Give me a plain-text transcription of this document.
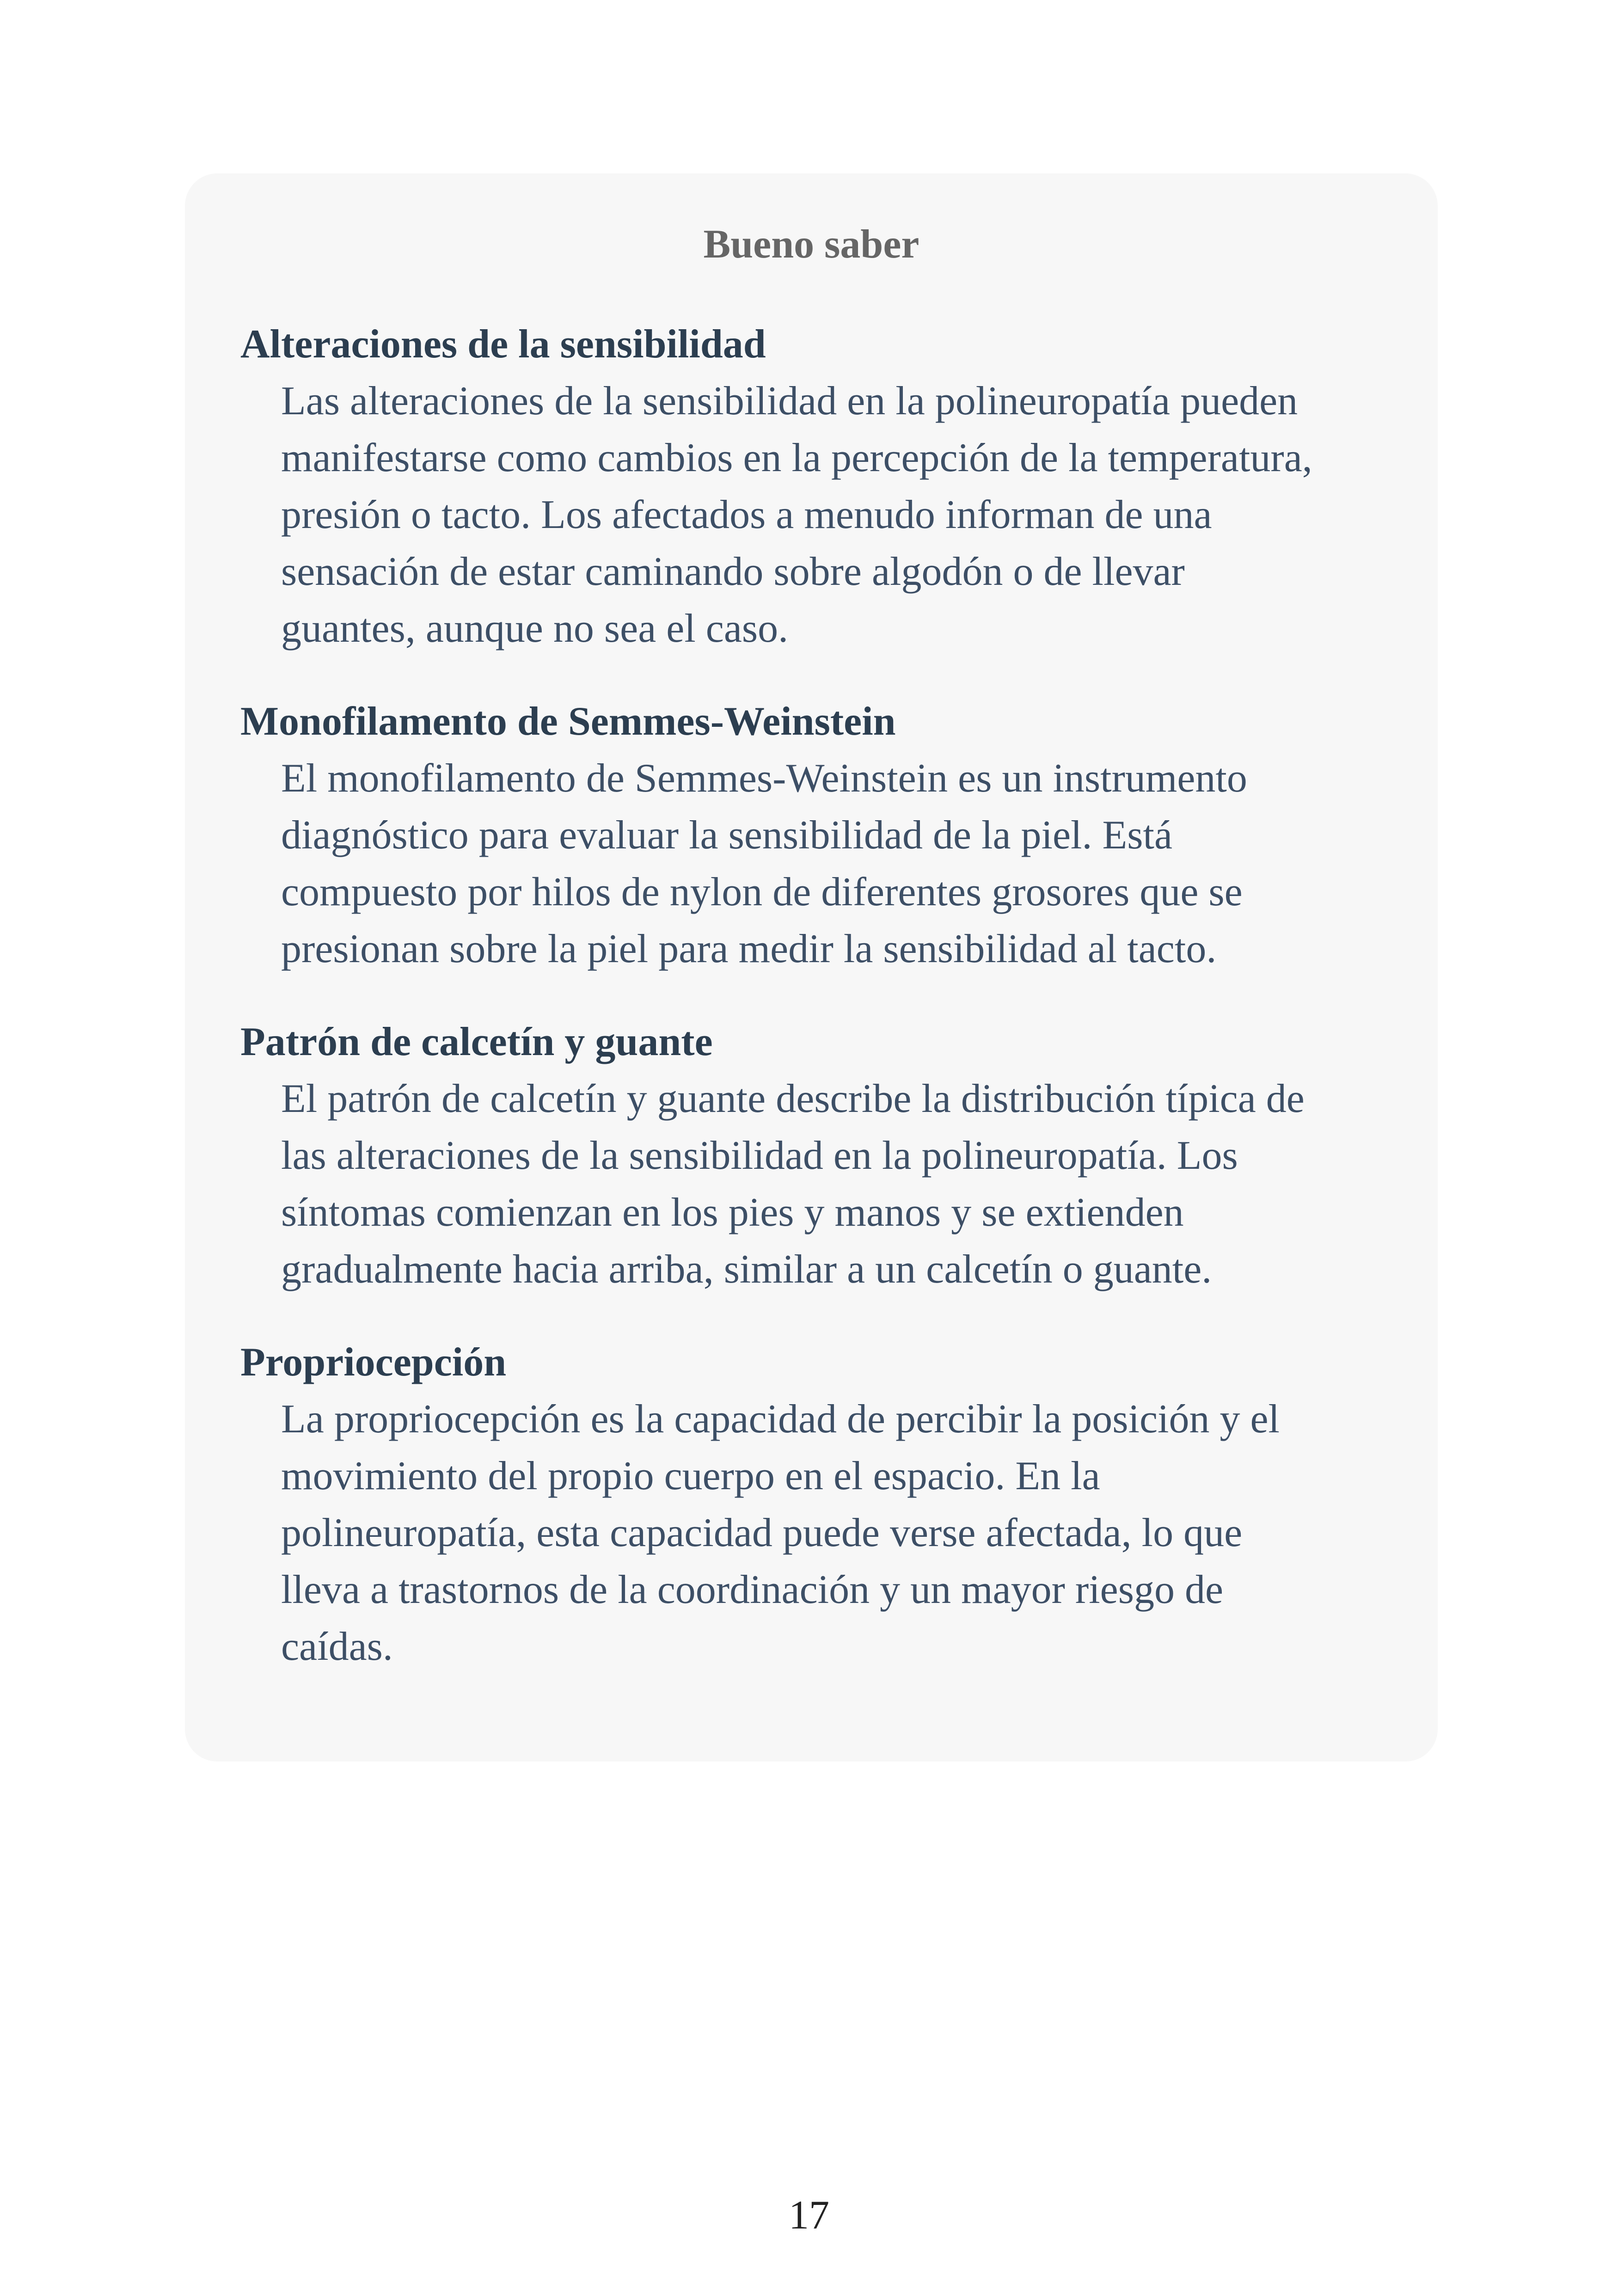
Bueno saber
Alteraciones de la sensibilidad
Las alteraciones de la sensibilidad en la polineuropatía pueden
manifestarse como cambios en la percepción de la temperatura,
presión o tacto. Los afectados a menudo informan de una
sensación de estar caminando sobre algodón o de llevar
guantes, aunque no sea el caso.
Monofilamento de Semmes-Weinstein
El monofilamento de Semmes-Weinstein es un instrumento
diagnóstico para evaluar la sensibilidad de la piel. Está
compuesto por hilos de nylon de diferentes grosores que se
presionan sobre la piel para medir la sensibilidad al tacto.
Patrón de calcetín y guante
El patrón de calcetín y guante describe la distribución típica de
las alteraciones de la sensibilidad en la polineuropatía. Los
síntomas comienzan en los pies y manos y se extienden
gradualmente hacia arriba, similar a un calcetín o guante.
Propriocepción
La propriocepción es la capacidad de percibir la posición y el
movimiento del propio cuerpo en el espacio. En la
polineuropatía, esta capacidad puede verse afectada, lo que
lleva a trastornos de la coordinación y un mayor riesgo de
caídas.
17
